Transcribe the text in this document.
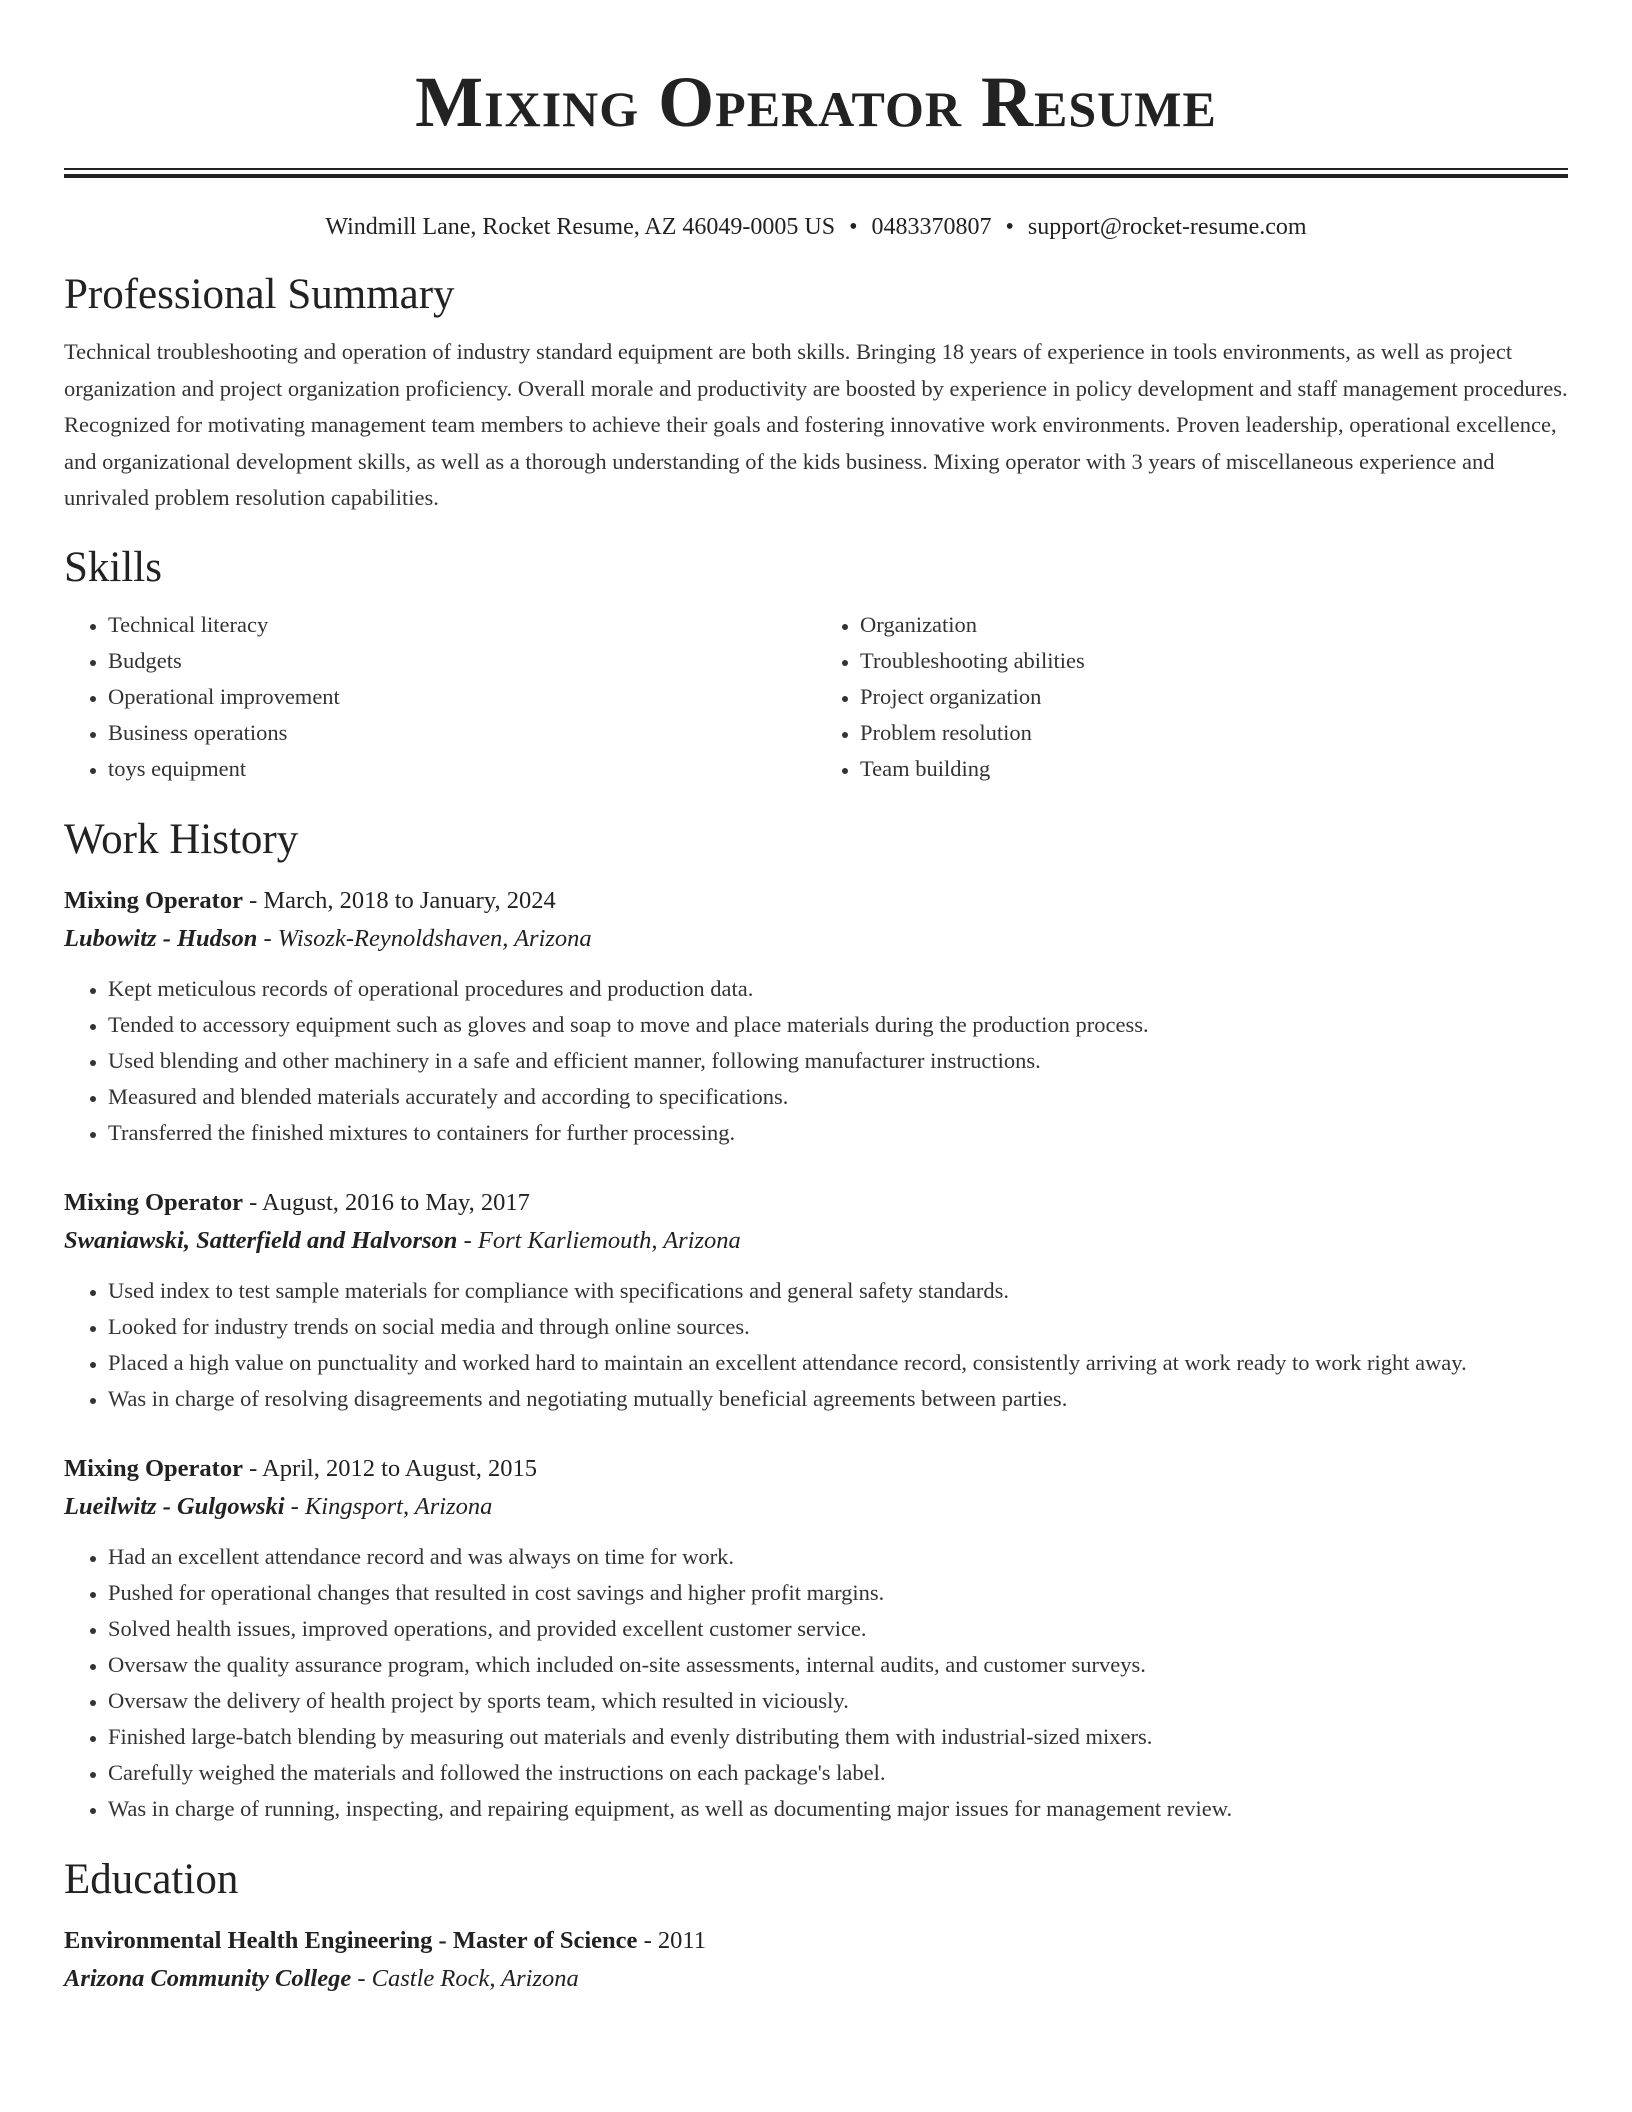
Mixing Operator Resume
Windmill Lane, Rocket Resume, AZ 46049-0005 US • 0483370807 • support@rocket-resume.com
Professional Summary

Technical troubleshooting and operation of industry standard equipment are both skills. Bringing 18 years of experience in tools environments, as well as project organization and project organization proficiency. Overall morale and productivity are boosted by experience in policy development and staff management procedures. Recognized for motivating management team members to achieve their goals and fostering innovative work environments. Proven leadership, operational excellence, and organizational development skills, as well as a thorough understanding of the kids business. Mixing operator with 3 years of miscellaneous experience and unrivaled problem resolution capabilities.

Skills
• Technical literacy
• Budgets
• Operational improvement
• Business operations
• toys equipment
• Organization
• Troubleshooting abilities
• Project organization
• Problem resolution
• Team building
Work History
Mixing Operator - March, 2018 to January, 2024
Lubowitz - Hudson - Wisozk-Reynoldshaven, Arizona
• Kept meticulous records of operational procedures and production data.
• Tended to accessory equipment such as gloves and soap to move and place materials during the production process.
• Used blending and other machinery in a safe and efficient manner, following manufacturer instructions.
• Measured and blended materials accurately and according to specifications.
• Transferred the finished mixtures to containers for further processing.
Mixing Operator - August, 2016 to May, 2017
Swaniawski, Satterfield and Halvorson - Fort Karliemouth, Arizona
• Used index to test sample materials for compliance with specifications and general safety standards.
• Looked for industry trends on social media and through online sources.
• Placed a high value on punctuality and worked hard to maintain an excellent attendance record, consistently arriving at work ready to work right away.
• Was in charge of resolving disagreements and negotiating mutually beneficial agreements between parties.
Mixing Operator - April, 2012 to August, 2015
Lueilwitz - Gulgowski - Kingsport, Arizona
• Had an excellent attendance record and was always on time for work.
• Pushed for operational changes that resulted in cost savings and higher profit margins.
• Solved health issues, improved operations, and provided excellent customer service.
• Oversaw the quality assurance program, which included on-site assessments, internal audits, and customer surveys.
• Oversaw the delivery of health project by sports team, which resulted in viciously.
• Finished large-batch blending by measuring out materials and evenly distributing them with industrial-sized mixers.
• Carefully weighed the materials and followed the instructions on each package's label.
• Was in charge of running, inspecting, and repairing equipment, as well as documenting major issues for management review.
Education
Environmental Health Engineering - Master of Science - 2011
Arizona Community College - Castle Rock, Arizona
